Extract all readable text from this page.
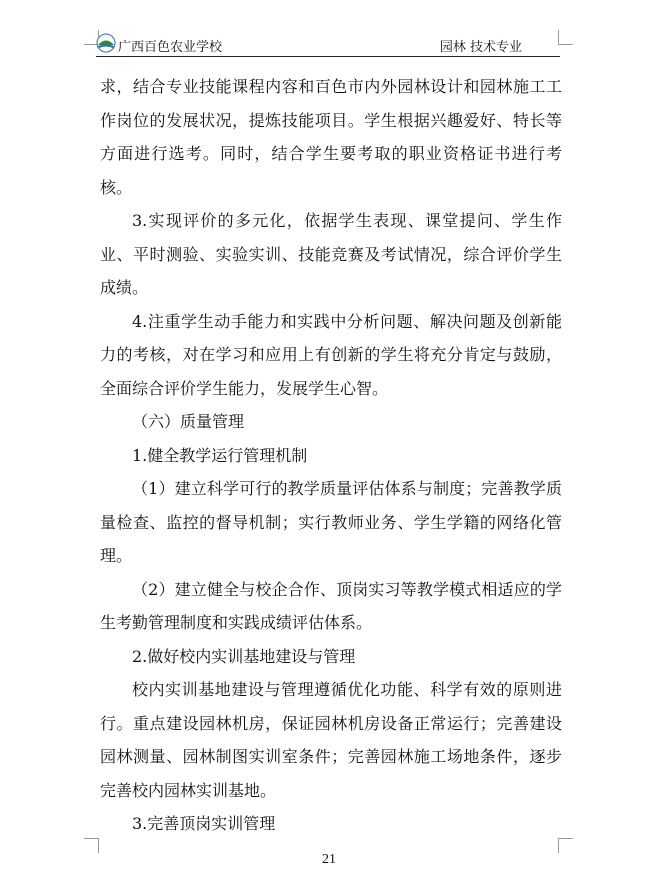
广西百色农业学校	园林 技术专业

求，结合专业技能课程内容和百色市内外园林设计和园林施工工作岗位的发展状况，提炼技能项目。学生根据兴趣爱好、特长等方面进行选考。同时，结合学生要考取的职业资格证书进行考核。

3.实现评价的多元化，依据学生表现、课堂提问、学生作业、平时测验、实验实训、技能竞赛及考试情况，综合评价学生成绩。

4.注重学生动手能力和实践中分析问题、解决问题及创新能力的考核，对在学习和应用上有创新的学生将充分肯定与鼓励，全面综合评价学生能力，发展学生心智。

（六）质量管理

1.健全教学运行管理机制

（1）建立科学可行的教学质量评估体系与制度；完善教学质量检查、监控的督导机制；实行教师业务、学生学籍的网络化管理。

（2）建立健全与校企合作、顶岗实习等教学模式相适应的学生考勤管理制度和实践成绩评估体系。

2.做好校内实训基地建设与管理

校内实训基地建设与管理遵循优化功能、科学有效的原则进行。重点建设园林机房，保证园林机房设备正常运行；完善建设园林测量、园林制图实训室条件；完善园林施工场地条件，逐步完善校内园林实训基地。

3.完善顶岗实训管理

21
